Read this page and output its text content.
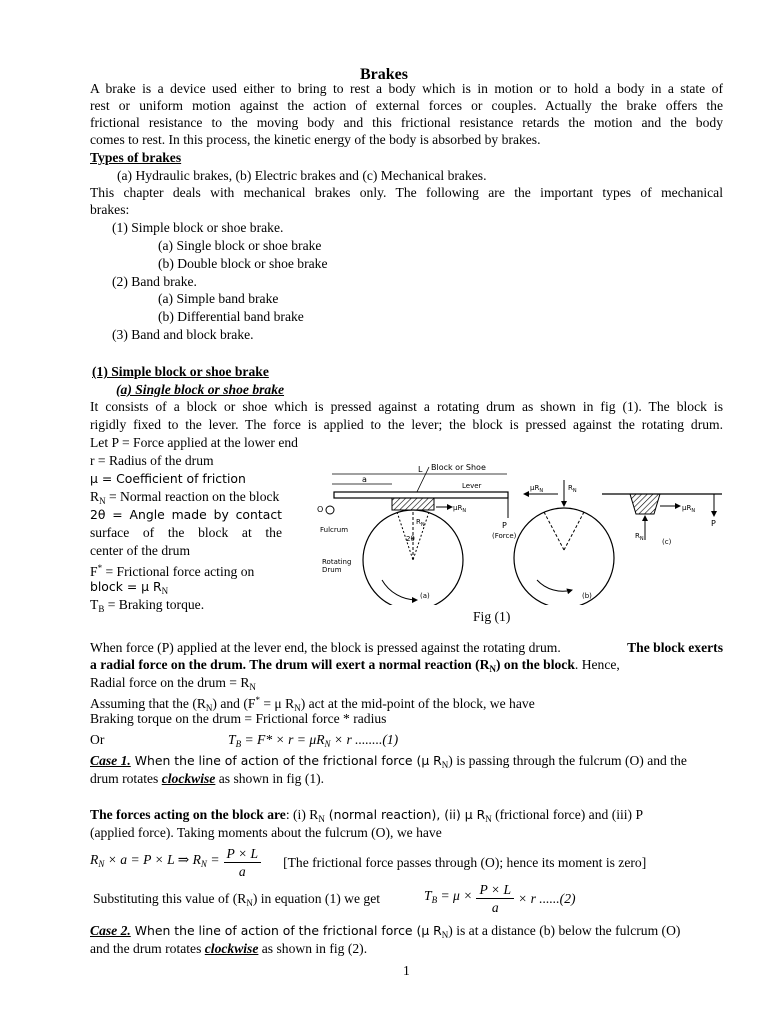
Brakes
A brake is a device used either to bring to rest a body which is in motion or to hold a body in a state of
rest or uniform motion against the action of external forces or couples. Actually the brake offers the
frictional resistance to the moving body and this frictional resistance retards the motion and the body
comes to rest. In this process, the kinetic energy of the body is absorbed by brakes.
Types of brakes
(a) Hydraulic brakes, (b) Electric brakes and (c) Mechanical brakes.
This chapter deals with mechanical brakes only. The following are the important types of mechanical
brakes:
(1) Simple block or shoe brake.
(a) Single block or shoe brake
(b) Double block or shoe brake
(2) Band brake.
(a) Simple band brake
(b) Differential band brake
(3) Band and block brake.
(1) Simple block or shoe brake
(a) Single block or shoe brake
It consists of a block or shoe which is pressed against a rotating drum as shown in fig (1). The block is
rigidly fixed to the lever. The force is applied to the lever; the block is pressed against the rotating drum.
Let P = Force applied at the lower end
r = Radius of the drum
μ = Coefficient of friction
$R_N$ = Normal reaction on the block
2θ = Angle made by contact
surface of the block at the
center of the drum
F* = Frictional force acting on
block = μ $R_N$
$T_B$ = Braking torque.
Block or Shoe
L
a
Lever
P
(Force)
O
Fulcrum
2θ
$R_N$
$\mu R_N$
Rotating
Drum
(a)
$R_N$
$\mu R_N$
(b)
$\mu R_N$
$R_N$
P
(c)
Fig (1)
When force (P) applied at the lever end, the block is pressed against the rotating drum.	The block exerts
a radial force on the drum. The drum will exert a normal reaction $(R_N)$ on the block. Hence,
Radial force on the drum = $R_N$
Assuming that the $(R_N)$ and (F* = μ $R_N$) act at the mid-point of the block, we have
Braking torque on the drum = Frictional force * radius
Or	$T_B = F* \times r = \mu R_N \times r$ ........(1)
Case 1. When the line of action of the frictional force (μ $R_N$) is passing through the fulcrum (O) and the
drum rotates clockwise as shown in fig (1).
The forces acting on the block are: (i) $R_N$ (normal reaction), (ii) μ $R_N$ (frictional force) and (iii) P
(applied force). Taking moments about the fulcrum (O), we have
$R_N \times a = P \times L$ ⇒ $R_N = \frac{P \times L}{a} [The$ frictional force passes through (O); hence its moment is zero]
Substituting this value of $(R_N)$ in equation (1) we get	$T_B = \mu \times \frac{P \times L}{a} \times r$ ......(2)
Case 2. When the line of action of the frictional force (μ $R_N$) is at a distance (b) below the fulcrum (O)
and the drum rotates clockwise as shown in fig (2).
1
